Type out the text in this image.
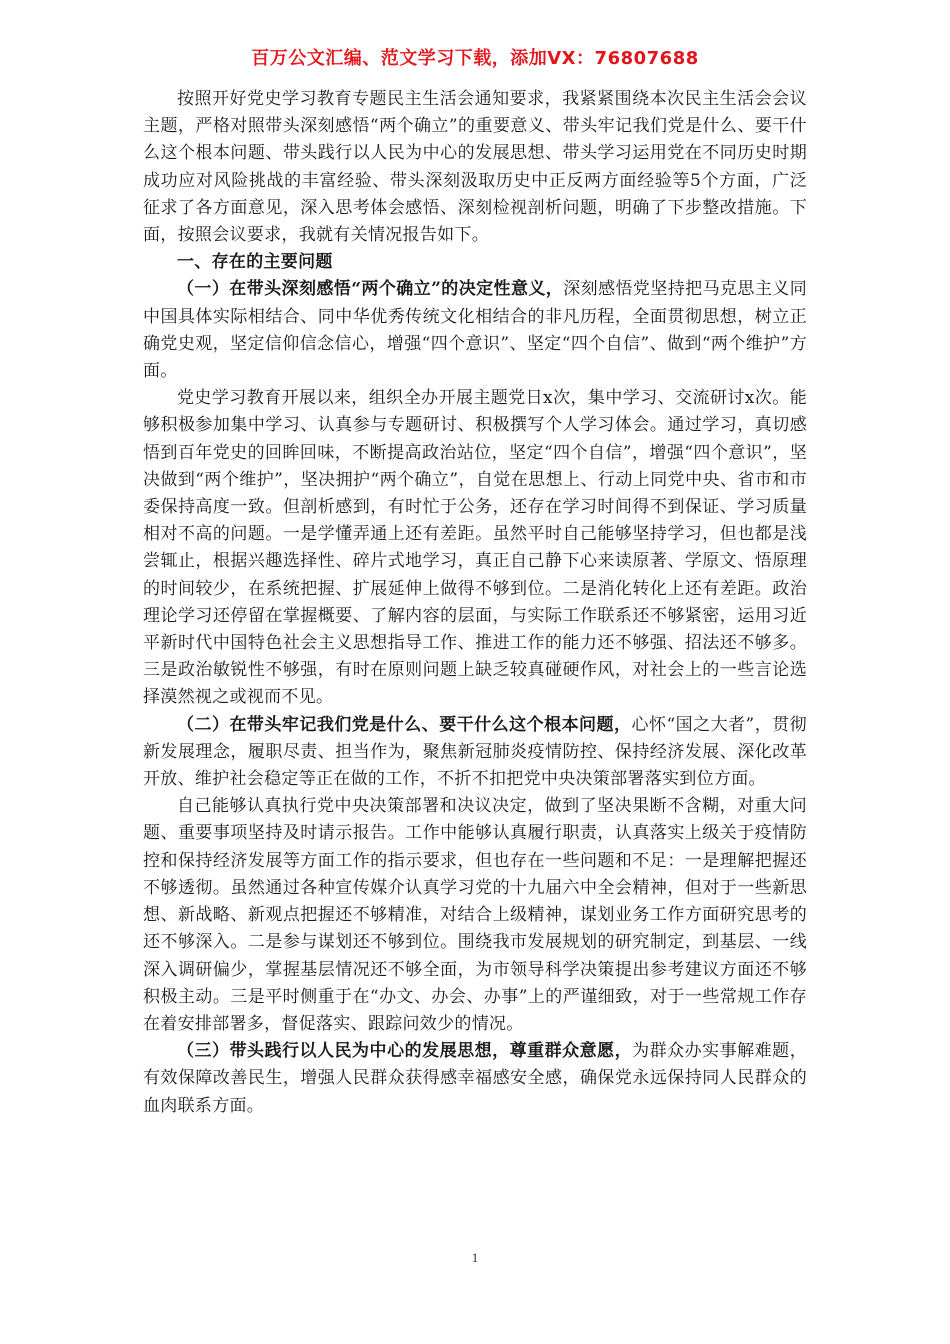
百万公文汇编、范文学习下载，添加VX：76807688

按照开好党史学习教育专题民主生活会通知要求，我紧紧围绕本次民主生活会会议主题，严格对照带头深刻感悟“两个确立”的重要意义、带头牢记我们党是什么、要干什么这个根本问题、带头践行以人民为中心的发展思想、带头学习运用党在不同历史时期成功应对风险挑战的丰富经验、带头深刻汲取历史中正反两方面经验等5个方面，广泛征求了各方面意见，深入思考体会感悟、深刻检视剖析问题，明确了下步整改措施。下面，按照会议要求，我就有关情况报告如下。

一、存在的主要问题

（一）在带头深刻感悟“两个确立”的决定性意义，深刻感悟党坚持把马克思主义同中国具体实际相结合、同中华优秀传统文化相结合的非凡历程，全面贯彻思想，树立正确党史观，坚定信仰信念信心，增强“四个意识”、坚定“四个自信”、做到“两个维护”方面。

党史学习教育开展以来，组织全办开展主题党日x次，集中学习、交流研讨x次。能够积极参加集中学习、认真参与专题研讨、积极撰写个人学习体会。通过学习，真切感悟到百年党史的回眸回味，不断提高政治站位，坚定“四个自信”，增强“四个意识”，坚决做到“两个维护”，坚决拥护“两个确立”，自觉在思想上、行动上同党中央、省市和市委保持高度一致。但剖析感到，有时忙于公务，还存在学习时间得不到保证、学习质量相对不高的问题。一是学懂弄通上还有差距。虽然平时自己能够坚持学习，但也都是浅尝辄止，根据兴趣选择性、碎片式地学习，真正自己静下心来读原著、学原文、悟原理的时间较少，在系统把握、扩展延伸上做得不够到位。二是消化转化上还有差距。政治理论学习还停留在掌握概要、了解内容的层面，与实际工作联系还不够紧密，运用习近平新时代中国特色社会主义思想指导工作、推进工作的能力还不够强、招法还不够多。三是政治敏锐性不够强，有时在原则问题上缺乏较真碰硬作风，对社会上的一些言论选择漠然视之或视而不见。

（二）在带头牢记我们党是什么、要干什么这个根本问题，心怀“国之大者”，贯彻新发展理念，履职尽责、担当作为，聚焦新冠肺炎疫情防控、保持经济发展、深化改革开放、维护社会稳定等正在做的工作，不折不扣把党中央决策部署落实到位方面。

自己能够认真执行党中央决策部署和决议决定，做到了坚决果断不含糊，对重大问题、重要事项坚持及时请示报告。工作中能够认真履行职责，认真落实上级关于疫情防控和保持经济发展等方面工作的指示要求，但也存在一些问题和不足：一是理解把握还不够透彻。虽然通过各种宣传媒介认真学习党的十九届六中全会精神，但对于一些新思想、新战略、新观点把握还不够精准，对结合上级精神，谋划业务工作方面研究思考的还不够深入。二是参与谋划还不够到位。围绕我市发展规划的研究制定，到基层、一线深入调研偏少，掌握基层情况还不够全面，为市领导科学决策提出参考建议方面还不够积极主动。三是平时侧重于在“办文、办会、办事”上的严谨细致，对于一些常规工作存在着安排部署多，督促落实、跟踪问效少的情况。

（三）带头践行以人民为中心的发展思想，尊重群众意愿，为群众办实事解难题，有效保障改善民生，增强人民群众获得感幸福感安全感，确保党永远保持同人民群众的血肉联系方面。

1
